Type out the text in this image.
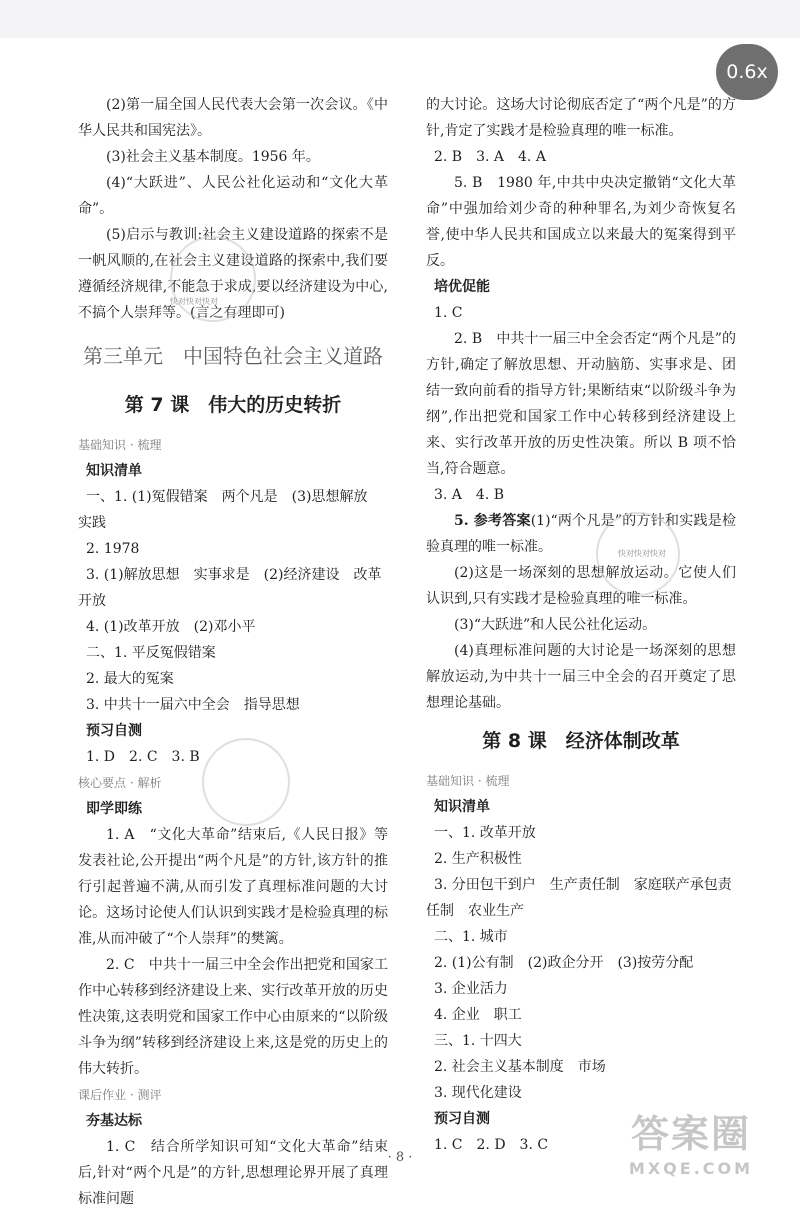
0.6x

(2)第一届全国人民代表大会第一次会议。《中华人民共和国宪法》。

(3)社会主义基本制度。1956 年。

(4)“大跃进”、人民公社化运动和“文化大革命”。

(5)启示与教训:社会主义建设道路的探索不是一帆风顺的,在社会主义建设道路的探索中,我们要遵循经济规律,不能急于求成,要以经济建设为中心,不搞个人崇拜等。(言之有理即可)

第三单元　中国特色社会主义道路
第 7 课　伟大的历史转折
基础知识 · 梳理
知识清单
一、1. (1)冤假错案　两个凡是　(3)思想解放
实践
2. 1978
3. (1)解放思想　实事求是　(2)经济建设　改革
开放
4. (1)改革开放　(2)邓小平
二、1. 平反冤假错案
2. 最大的冤案
3. 中共十一届六中全会　指导思想
预习自测
1. D　2. C　3. B
核心要点 · 解析
即学即练

1. A　“文化大革命”结束后,《人民日报》等发表社论,公开提出“两个凡是”的方针,该方针的推行引起普遍不满,从而引发了真理标准问题的大讨论。这场讨论使人们认识到实践才是检验真理的标准,从而冲破了“个人崇拜”的樊篱。

2. C　中共十一届三中全会作出把党和国家工作中心转移到经济建设上来、实行改革开放的历史性决策,这表明党和国家工作中心由原来的“以阶级斗争为纲”转移到经济建设上来,这是党的历史上的伟大转折。

课后作业 · 测评
夯基达标

1. C　结合所学知识可知“文化大革命”结束后,针对“两个凡是”的方针,思想理论界开展了真理标准问题

的大讨论。这场大讨论彻底否定了“两个凡是”的方针,肯定了实践才是检验真理的唯一标准。

2. B　3. A　4. A

5. B　1980 年,中共中央决定撤销“文化大革命”中强加给刘少奇的种种罪名,为刘少奇恢复名誉,使中华人民共和国成立以来最大的冤案得到平反。

培优促能
1. C

2. B　中共十一届三中全会否定“两个凡是”的方针,确定了解放思想、开动脑筋、实事求是、团结一致向前看的指导方针;果断结束“以阶级斗争为纲”,作出把党和国家工作中心转移到经济建设上来、实行改革开放的历史性决策。所以 B 项不恰当,符合题意。

3. A　4. B

5. 参考答案(1)“两个凡是”的方针和实践是检验真理的唯一标准。

(2)这是一场深刻的思想解放运动。它使人们认识到,只有实践才是检验真理的唯一标准。

(3)“大跃进”和人民公社化运动。

(4)真理标准问题的大讨论是一场深刻的思想解放运动,为中共十一届三中全会的召开奠定了思想理论基础。

第 8 课　经济体制改革
基础知识 · 梳理
知识清单
一、1. 改革开放
2. 生产积极性
3. 分田包干到户　生产责任制　家庭联产承包责
任制　农业生产
二、1. 城市
2. (1)公有制　(2)政企分开　(3)按劳分配
3. 企业活力
4. 企业　职工
三、1. 十四大
2. 社会主义基本制度　市场
3. 现代化建设
预习自测
1. C　2. D　3. C
快对快对快对
快对快对快对
· 8 ·
答案圈
MXQE.COM
